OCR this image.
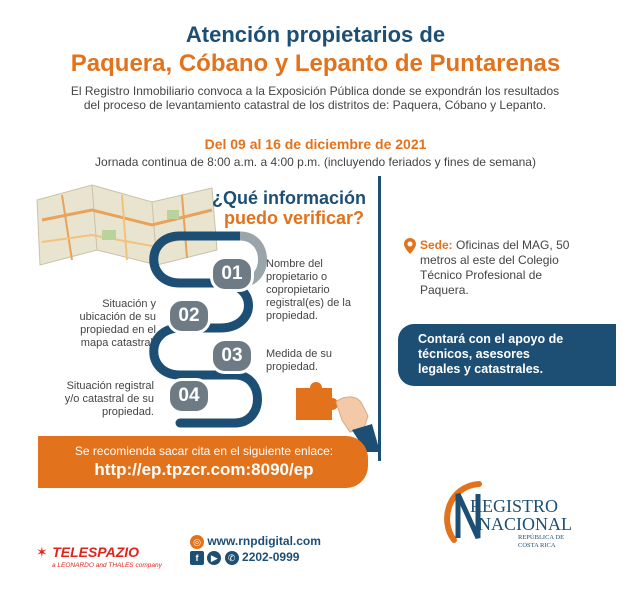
Atención propietarios de
Paquera, Cóbano y Lepanto de Puntarenas
El Registro Inmobiliario convoca a la Exposición Pública donde se expondrán los resultados del proceso de levantamiento catastral de los distritos de: Paquera, Cóbano y Lepanto.
Del 09 al 16 de diciembre de 2021
Jornada continua de 8:00 a.m. a 4:00 p.m. (incluyendo feriados y fines de semana)
¿Qué información
puedo verificar?
01
02
03
04
Nombre del propietario o copropietario registral(es) de la propiedad.
Situación y ubicación de su propiedad en el mapa catastral.
Medida de su propiedad.
Situación registral y/o catastral de su propiedad.
Sede: Oficinas del MAG, 50 metros al este del Colegio Técnico Profesional de Paquera.
Contará con el apoyo de técnicos, asesores legales y catastrales.
Se recomienda sacar cita en el siguiente enlace:
http://ep.tpzcr.com:8090/ep
✶ TELESPAZIO
a LEONARDO and THALES company
◎ www.rnpdigital.com
f ▶ ✆ 2202-0999
REGISTRO
NACIONAL
REPÚBLICA DE COSTA RICA
